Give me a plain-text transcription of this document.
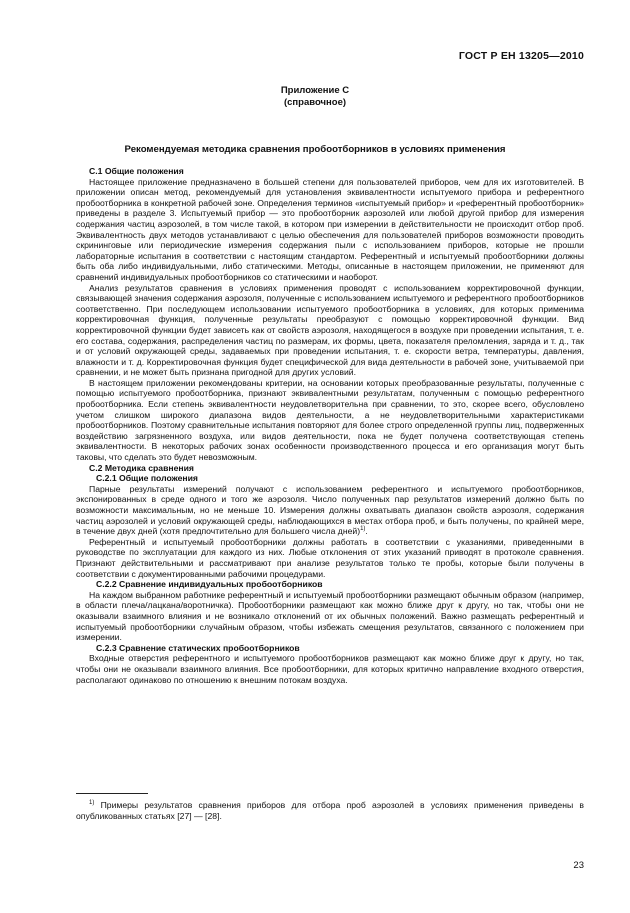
ГОСТ Р ЕН 13205—2010
Приложение С
(справочное)
Рекомендуемая методика сравнения пробоотборников в условиях применения

С.1 Общие положения

Настоящее приложение предназначено в большей степени для пользователей приборов, чем для их изготовителей. В приложении описан метод, рекомендуемый для установления эквивалентности испытуемого прибора и референтного пробоотборника в конкретной рабочей зоне. Определения терминов «испытуемый прибор» и «референтный пробоотборник» приведены в разделе 3. Испытуемый прибор — это пробоотборник аэрозолей или любой другой прибор для измерения содержания частиц аэрозолей, в том числе такой, в котором при измерении в действительности не происходит отбор проб. Эквивалентность двух методов устанавливают с целью обеспечения для пользователей приборов возможности проводить скрининговые или периодические измерения содержания пыли с использованием приборов, которые не прошли лабораторные испытания в соответствии с настоящим стандартом. Референтный и испытуемый пробоотборники должны быть оба либо индивидуальными, либо статическими. Методы, описанные в настоящем приложении, не применяют для сравнений индивидуальных пробоотборников со статическими и наоборот.

Анализ результатов сравнения в условиях применения проводят с использованием корректировочной функции, связывающей значения содержания аэрозоля, полученные с использованием испытуемого и референтного пробоотборников соответственно. При последующем использовании испытуемого пробоотборника в условиях, для которых применима корректировочная функция, полученные результаты преобразуют с помощью корректировочной функции. Вид корректировочной функции будет зависеть как от свойств аэрозоля, находящегося в воздухе при проведении испытания, т. е. его состава, содержания, распределения частиц по размерам, их формы, цвета, показателя преломления, заряда и т. д., так и от условий окружающей среды, задаваемых при проведении испытания, т. е. скорости ветра, температуры, давления, влажности и т. д. Корректировочная функция будет специфической для вида деятельности в рабочей зоне, учитываемой при сравнении, и не может быть признана пригодной для других условий.

В настоящем приложении рекомендованы критерии, на основании которых преобразованные результаты, полученные с помощью испытуемого пробоотборника, признают эквивалентными результатам, полученным с помощью референтного пробоотборника. Если степень эквивалентности неудовлетворительна при сравнении, то это, скорее всего, обусловлено учетом слишком широкого диапазона видов деятельности, а не неудовлетворительными характеристиками пробоотборников. Поэтому сравнительные испытания повторяют для более строго определенной группы лиц, подверженных воздействию загрязненного воздуха, или видов деятельности, пока не будет получена соответствующая степень эквивалентности. В некоторых рабочих зонах особенности производственного процесса и его организация могут быть таковы, что сделать это будет невозможным.

С.2 Методика сравнения

С.2.1 Общие положения

Парные результаты измерений получают с использованием референтного и испытуемого пробоотборников, экспонированных в среде одного и того же аэрозоля. Число полученных пар результатов измерений должно быть по возможности максимальным, но не меньше 10. Измерения должны охватывать диапазон свойств аэрозоля, содержания частиц аэрозолей и условий окружающей среды, наблюдающихся в местах отбора проб, и быть получены, по крайней мере, в течение двух дней (хотя предпочтительно для большего числа дней)$^{1)}$.

Референтный и испытуемый пробоотборники должны работать в соответствии с указаниями, приведенными в руководстве по эксплуатации для каждого из них. Любые отклонения от этих указаний приводят в протоколе сравнения. Признают действительными и рассматривают при анализе результатов только те пробы, которые были получены в соответствии с документированными рабочими процедурами.

С.2.2 Сравнение индивидуальных пробоотборников

На каждом выбранном работнике референтный и испытуемый пробоотборники размещают обычным образом (например, в области плеча/лацкана/воротничка). Пробоотборники размещают как можно ближе друг к другу, но так, чтобы они не оказывали взаимного влияния и не возникало отклонений от их обычных положений. Важно размещать референтный и испытуемый пробоотборники случайным образом, чтобы избежать смещения результатов, связанного с положением при измерении.

С.2.3 Сравнение статических пробоотборников

Входные отверстия референтного и испытуемого пробоотборников размещают как можно ближе друг к другу, но так, чтобы они не оказывали взаимного влияния. Все пробоотборники, для которых критично направление входного отверстия, располагают одинаково по отношению к внешним потокам воздуха.

$^{1)}$ Примеры результатов сравнения приборов для отбора проб аэрозолей в условиях применения приведены в опубликованных статьях [27] — [28].

23
